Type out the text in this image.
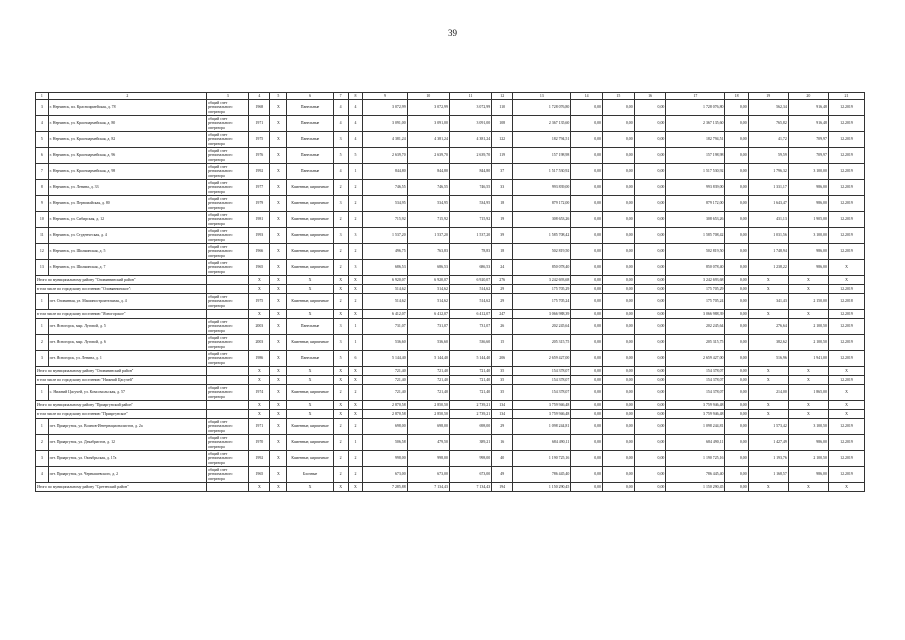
39
1	2	3	4	5	6	7	8	9	10	11	12	13	14	15	16	17	18	19	20	21
3	г. Нерчинск, пл. Красноармейская, д. 78	общий счет регионального оператора	1968	Х	Панельные	4	4	3 072,99	3 072,99	3 072,99	110	1 728 076,80	0,00	0,00	0,00	1 728 076,80	0,00	562,34	916,48	12.2019
4	г. Нерчинск, ул. Красноармейская, д. 80	общий счет регионального оператора	1971	Х	Панельные	4	4	3 091,00	3 091,00	3 091,00	108	2 367 135,60	0,00	0,00	0,00	2 367 135,60	0,00	765,82	916,48	12.2019
5	г. Нерчинск, ул. Красноармейская, д. 82	общий счет регионального оператора	1975	Х	Панельные	3	4	4 381,24	4 381,24	4 381,24	122	182 794,51	0,00	0,00	0,00	182 794,51	0,00	41,72	709,97	12.2019
6	г. Нерчинск, ул. Красноармейская, д. 96	общий счет регионального оператора	1976	Х	Панельные	5	5	2 639,70	2 639,70	2 639,70	119	157 198,98	0,00	0,00	0,00	157 198,98	0,00	59,59	709,97	12.2019
7	г. Нерчинск, ул. Красноармейская, д. 98	общий счет регионального оператора	1992	Х	Панельные	4	1	844,80	844,80	844,80	37	1 517 530,92	0,00	0,00	0,00	1 517 530,92	0,00	1 796,32	3 100,00	12.2019
8	г. Нерчинск, ул. Ленина, д. 33	общий счет регионального оператора	1977	Х	Каменные, кирпичные	2	2	746,55	746,55	746,55	33	993 839,00	0,00	0,00	0,00	993 839,00	0,00	1 331,17	986,00	12.2019
9	г. Нерчинск, ул. Первомайская, д. 80	общий счет регионального оператора	1979	Х	Каменные, кирпичные	3	2	534,95	534,95	534,95	18	879 172,00	0,00	0,00	0,00	879 172,00	0,00	1 643,47	986,00	12.2019
10	г. Нерчинск, ул. Сибирская, д. 12	общий счет регионального оператора	1981	Х	Каменные, кирпичные	2	2	715,92	715,92	715,92	19	308 653,26	0,00	0,00	0,00	308 653,26	0,00	431,13	1 905,00	12.2019
11	г. Нерчинск, ул. Студенческая, д. 4	общий счет регионального оператора	1993	Х	Каменные, кирпичные	3	3	1 537,20	1 537,20	1 537,20	39	1 585 708,42	0,00	0,00	0,00	1 585 708,42	0,00	1 031,56	3 100,00	12.2019
12	г. Нерчинск, ул. Шилкинская, д. 5	общий счет регионального оператора	1966	Х	Каменные, кирпичные	2	2	496,75	763,83	78,83	18	502 819,50	0,00	0,00	0,00	502 819,50	0,00	1 748,94	986,00	12.2019
13	г. Нерчинск, ул. Шилкинская, д. 7	общий счет регионального оператора	1965	Х	Каменные, кирпичные	2	3	686,53	686,53	686,53	24	850 078,40	0,00	0,00	0,00	850 078,40	0,00	1 238,22	986,00	Х
Итого по муниципальному району "Оловяннинский район"			Х	Х	Х	Х	Х	6 920,07	6 920,07	6 920,07	276	3 242 693,68	0,00	0,00	0,00	3 242 693,68	0,00	Х	Х	Х
в том числе по городскому поселению "Оловяннинское":			Х	Х	Х	Х	Х	514,62	514,62	514,62	29	175 705,29	0,00	0,00	0,00	175 705,29	0,00	Х	Х	12.2019
1	пгт. Оловянная, ул. Машиностроительная, д. 4	общий счет регионального оператора	1975	Х	Каменные, кирпичные	2	2	514,62	514,62	514,62	29	175 705,24	0,00	0,00	0,00	175 705,24	0,00	341,43	2 150,00	12.2018
в том числе по городскому поселению "Ясногорское"			Х	Х	Х	Х	Х	6 412,07	6 412,07	6 412,07	247	3 066 988,39	0,00	0,00	0,00	3 066 988,39	0,00	Х	Х	12.2019
1	пгт. Ясногорск, мкр. Луговой, д. 5	общий счет регионального оператора	2003	Х	Панельные	3	1	731,07	731,07	731,07	26	202 245,64	0,00	0,00	0,00	202 245,64	0,00	276,64	2 100,50	12.2019
2	пгт. Ясногорск, мкр. Луговой, д. 6	общий счет регионального оператора	2003	Х	Каменные, кирпичные	3	1	536,60	536,60	536,60	15	205 315,75	0,00	0,00	0,00	205 315,75	0,00	382,62	2 100,50	12.2019
3	пгт. Ясногорск, ул. Ленина, д. 1	общий счет регионального оператора	1986	Х	Панельные	5	6	5 144,40	5 144,40	5 144,40	206	2 659 427,00	0,00	0,00	0,00	2 659 427,00	0,00	516,96	1 941,00	12.2019
Итого по муниципальному району "Оловянинский район"			Х	Х	Х	Х	Х	721,40	721,40	721,40	35	154 378,07	0,00	0,00	0,00	154 378,07	0,00	Х	Х	Х
в том числе по городскому поселению "Нижний Цасучей"			Х	Х	Х	Х	Х	721,40	721,40	721,40	35	154 378,07	0,00	0,00	0,00	154 378,07	0,00	Х	Х	12.2019
1	с. Нижний Цасучей, ул. Комсомольская, д. 57	общий счет регионального оператора	1974	Х	Каменные, кирпичные	2	2	721,40	721,40	721,40	35	154 378,07	0,00	0,00	0,00	154 378,07	0,00	214,00	1 865,00	Х
Итого по муниципальному району "Приаргунский район"			Х	Х	Х	Х	Х	2 870,58	2 850,50	2 739,21	134	3 759 946,48	0,00	0,00	0,00	3 759 946,48	0,00	Х	Х	Х
в том числе по городскому поселению "Приаргунское"			Х	Х	Х	Х	Х	2 870,58	2 850,50	2 739,21	134	3 759 946,48	0,00	0,00	0,00	3 759 946,48	0,00	Х	Х	Х
1	пгт. Приаргунск, ул. Воинов-Интернационалистов, д. 2а	общий счет регионального оператора	1971	Х	Каменные, кирпичные	2	2	698,00	698,00	698,00	29	1 098 244,81	0,00	0,00	0,00	1 098 244,81	0,00	1 573,42	3 100,50	12.2019
2	пгт. Приаргунск, ул. Декабристов, д. 12	общий счет регионального оператора	1970	Х	Каменные, кирпичные	2	1	506,58	479,50	389,21	16	684 490,11	0,00	0,00	0,00	684 490,11	0,00	1 427,49	986,00	12.2019
3	пгт. Приаргунск, ул. Октябрьская, д. 17а	общий счет регионального оператора	1992	Х	Каменные, кирпичные	2	2	998,00	998,00	998,00	40	1 190 725,16	0,00	0,00	0,00	1 190 725,16	0,00	1 193,76	2 100,50	12.2019
4	пгт. Приаргунск, ул. Чернышевского, д. 2	общий счет регионального оператора	1965	Х	Блочные	2	2	673,00	673,00	673,00	49	786 445,40	0,00	0,00	0,00	786 445,40	0,00	1 168,57	986,00	12.2019
Итого по муниципальному району "Сретенский район"			Х	Х	Х	Х	Х	7 285,88	7 134,43	7 134,43	194	1 150 290,45	0,00	0,00	0,00	1 150 290,45	0,00	Х	Х	Х
